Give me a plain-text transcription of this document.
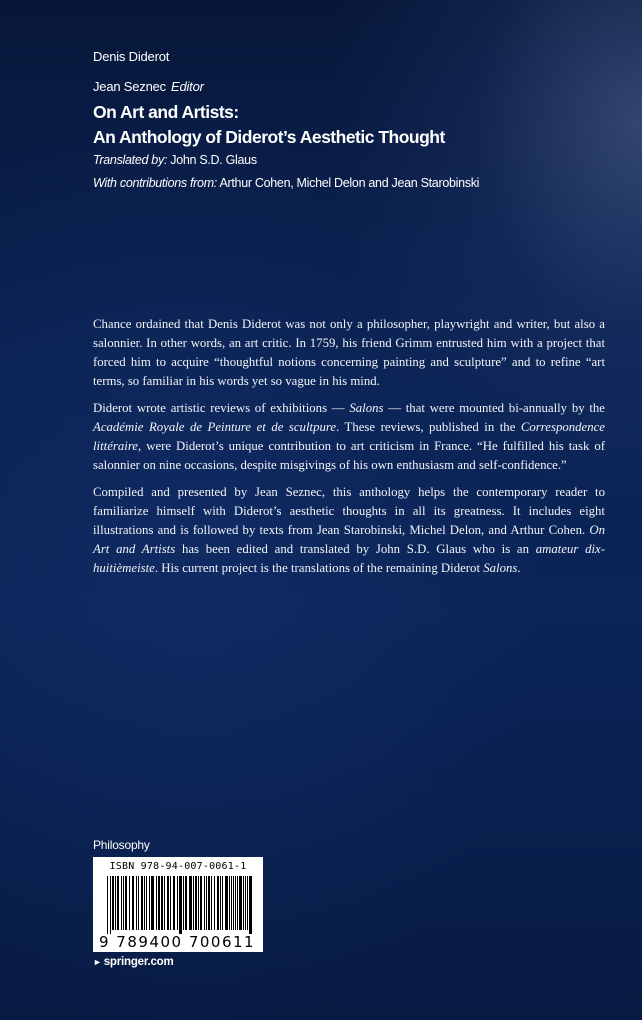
Denis Diderot
Jean Seznec Editor
On Art and Artists:
An Anthology of Diderot’s Aesthetic Thought
Translated by: John S.D. Glaus
With contributions from: Arthur Cohen, Michel Delon and Jean Starobinski

Chance ordained that Denis Diderot was not only a philosopher, playwright and writer, but also a salonnier. In other words, an art critic. In 1759, his friend Grimm entrusted him with a project that forced him to acquire “thoughtful notions concerning painting and sculpture” and to refine “art terms, so familiar in his words yet so vague in his mind.

Diderot wrote artistic reviews of exhibitions — Salons — that were mounted bi-annually by the Académie Royale de Peinture et de scultpure. These reviews, published in the Correspondence littéraire, were Diderot’s unique contribution to art criticism in France. “He fulfilled his task of salonnier on nine occasions, despite misgivings of his own enthusiasm and self-confidence.”

Compiled and presented by Jean Seznec, this anthology helps the contemporary reader to familiarize himself with Diderot’s aesthetic thoughts in all its greatness. It includes eight illustrations and is followed by texts from Jean Starobinski, Michel Delon, and Arthur Cohen. On Art and Artists has been edited and translated by John S.D. Glaus who is an amateur dix-huitièmeiste. His current project is the translations of the remaining Diderot Salons.

Philosophy
ISBN 978-94-007-0061-1
9 789400 700611
► springer.com
